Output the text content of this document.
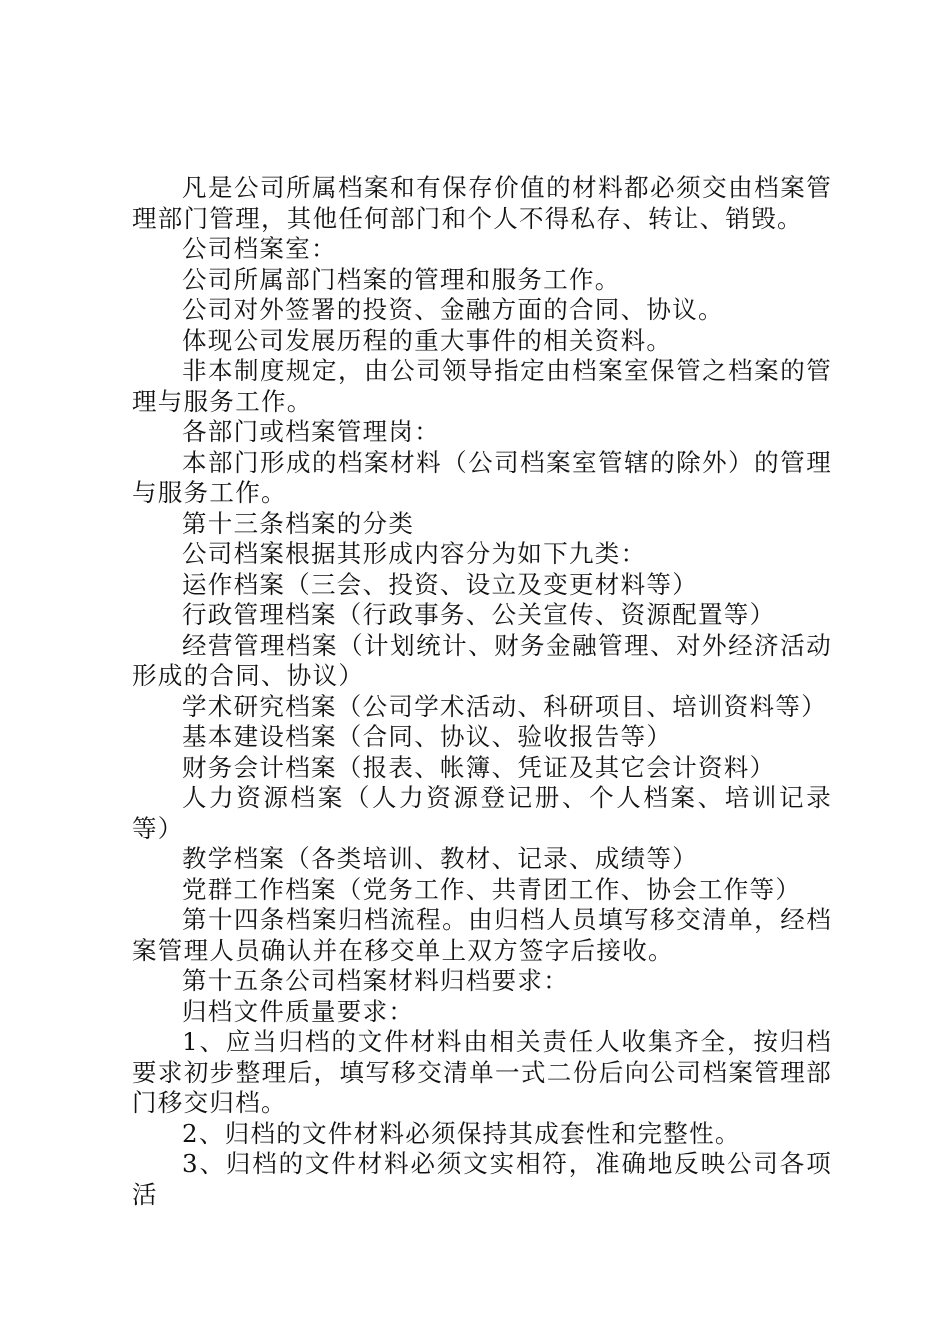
凡是公司所属档案和有保存价值的材料都必须交由档案管理部门管理，其他任何部门和个人不得私存、转让、销毁。

公司档案室：

公司所属部门档案的管理和服务工作。

公司对外签署的投资、金融方面的合同、协议。

体现公司发展历程的重大事件的相关资料。

非本制度规定，由公司领导指定由档案室保管之档案的管理与服务工作。

各部门或档案管理岗：

本部门形成的档案材料（公司档案室管辖的除外）的管理与服务工作。

第十三条档案的分类

公司档案根据其形成内容分为如下九类：

运作档案（三会、投资、设立及变更材料等）

行政管理档案（行政事务、公关宣传、资源配置等）

经营管理档案（计划统计、财务金融管理、对外经济活动形成的合同、协议）

学术研究档案（公司学术活动、科研项目、培训资料等）

基本建设档案（合同、协议、验收报告等）

财务会计档案（报表、帐簿、凭证及其它会计资料）

人力资源档案（人力资源登记册、个人档案、培训记录等）

教学档案（各类培训、教材、记录、成绩等）

党群工作档案（党务工作、共青团工作、协会工作等）

第十四条档案归档流程。由归档人员填写移交清单，经档案管理人员确认并在移交单上双方签字后接收。

第十五条公司档案材料归档要求：

归档文件质量要求：

1、应当归档的文件材料由相关责任人收集齐全，按归档要求初步整理后，填写移交清单一式二份后向公司档案管理部门移交归档。

2、归档的文件材料必须保持其成套性和完整性。

3、归档的文件材料必须文实相符，准确地反映公司各项活
